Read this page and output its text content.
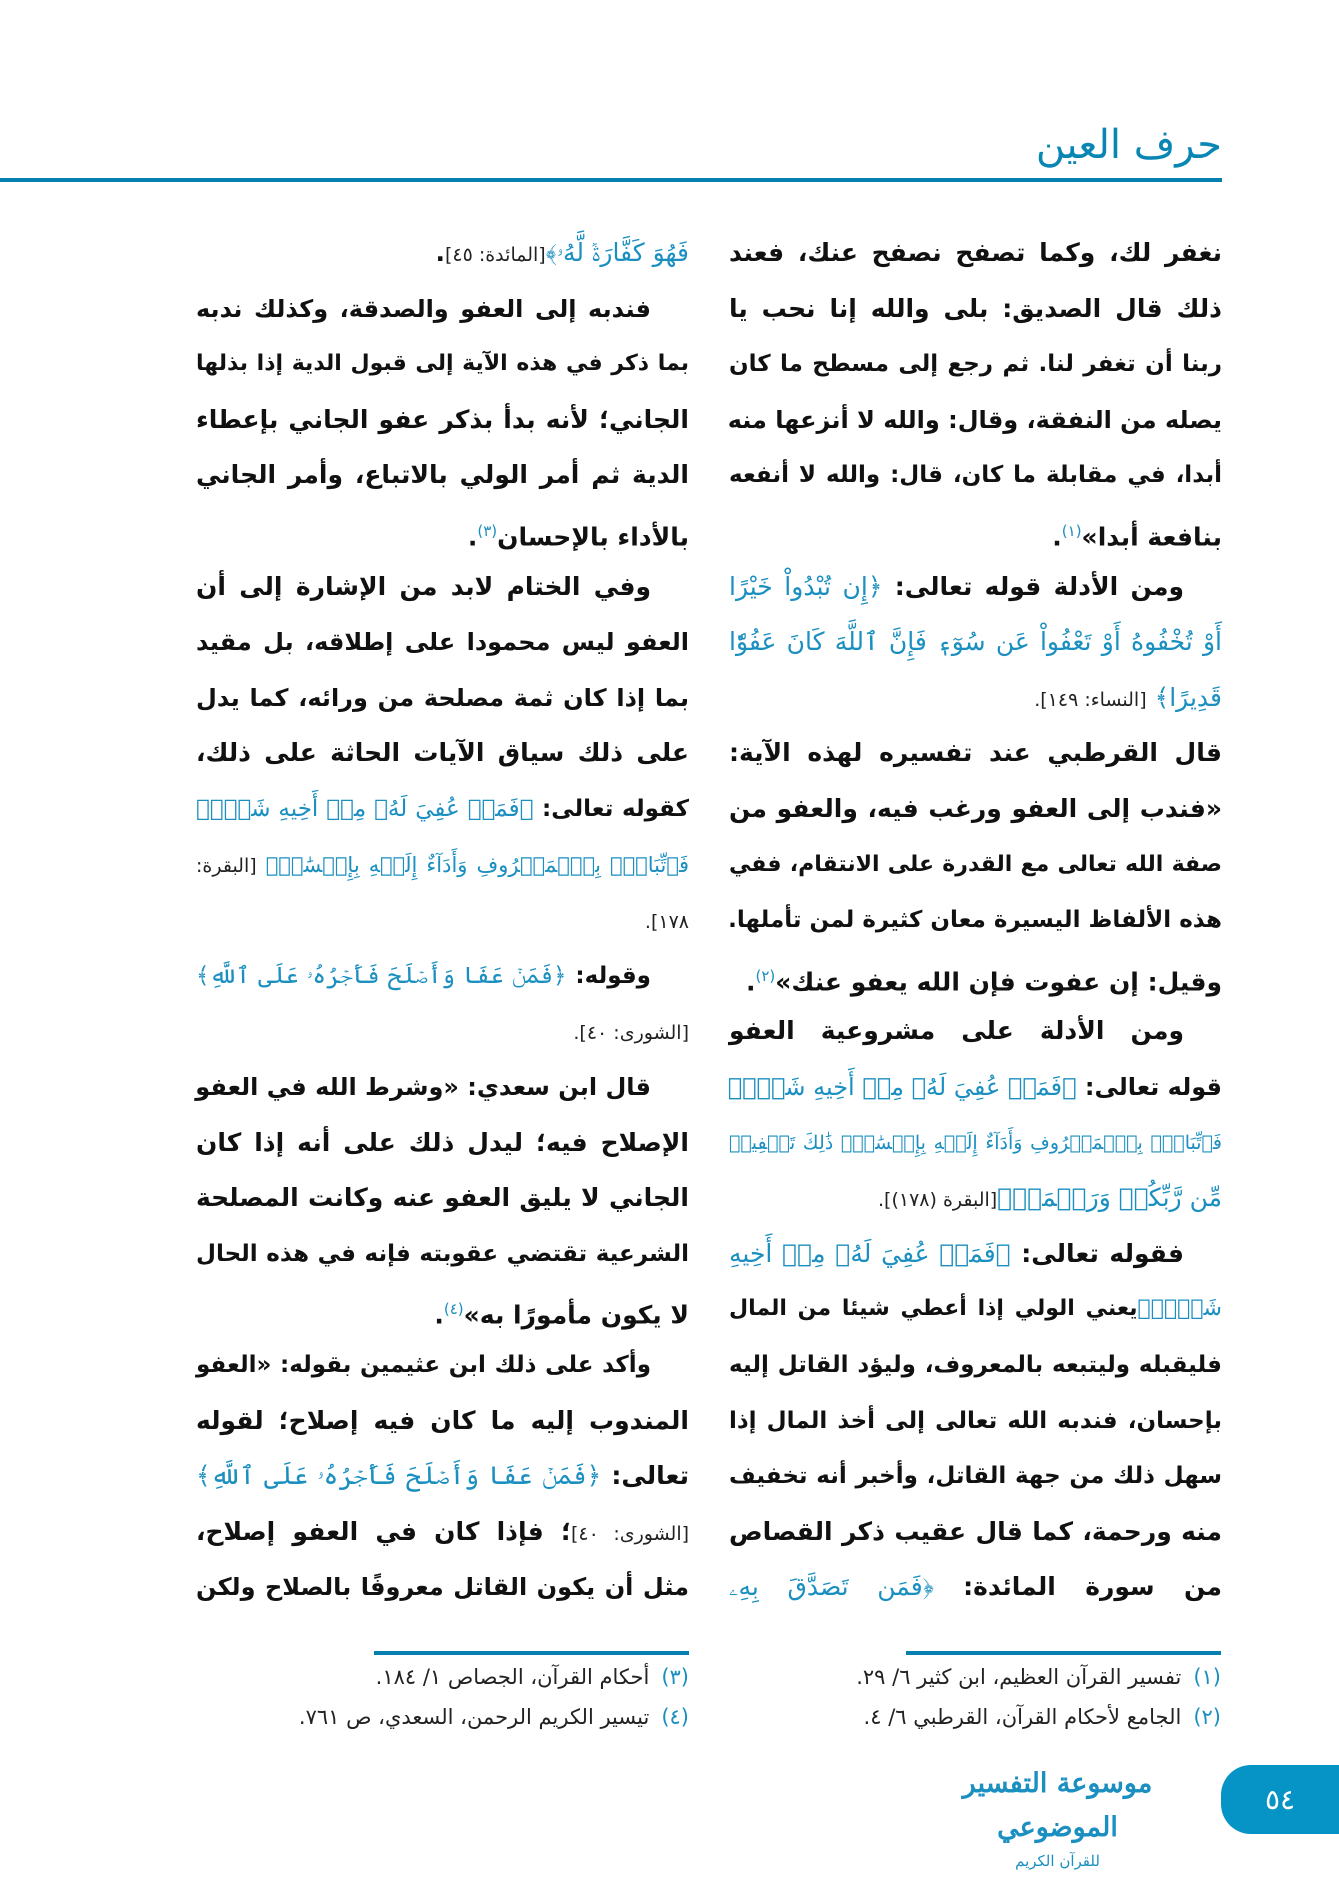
حرف العين
نغفر لك، وكما تصفح نصفح عنك، فعند
ذلك قال الصديق: بلى والله إنا نحب يا
ربنا أن تغفر لنا. ثم رجع إلى مسطح ما كان
يصله من النفقة، وقال: والله لا أنزعها منه
أبدا، في مقابلة ما كان، قال: والله لا أنفعه
بنافعة أبدا»$^{(١)}$.
ومن الأدلة قوله تعالى: ﴿إِن تُبْدُواْ خَيْرًا
أَوْ تُخْفُوهُ أَوْ تَعْفُواْ عَن سُوٓءٖ فَإِنَّ ٱللَّهَ كَانَ عَفُوّٗا
قَدِيرًا﴾ [النساء: ١٤٩].
قال القرطبي عند تفسيره لهذه الآية:
«فندب إلى العفو ورغب فيه، والعفو من
صفة الله تعالى مع القدرة على الانتقام، ففي
هذه الألفاظ اليسيرة معان كثيرة لمن تأملها.
وقيل: إن عفوت فإن الله يعفو عنك»$^{(٢)}$.
ومن الأدلة على مشروعية العفو
قوله تعالى: ﴿فَمَنۡ عُفِيَ لَهُۥ مِنۡ أَخِيهِ شَيۡءٞ
فَٱتِّبَاعُۢ بِٱلۡمَعۡرُوفِ وَأَدَآءٌ إِلَيۡهِ بِإِحۡسَٰنٖۗ ذَٰلِكَ تَخۡفِيفٞ
مِّن رَّبِّكُمۡ وَرَحۡمَةٞ﴾[البقرة (١٧٨)].
فقوله تعالى: ﴿فَمَنۡ عُفِيَ لَهُۥ مِنۡ أَخِيهِ
شَيۡءٞ﴾يعني الولي إذا أعطي شيئا من المال
فليقبله وليتبعه بالمعروف، وليؤد القاتل إليه
بإحسان، فندبه الله تعالى إلى أخذ المال إذا
سهل ذلك من جهة القاتل، وأخبر أنه تخفيف
منه ورحمة، كما قال عقيب ذكر القصاص
من سورة المائدة: ﴿فَمَن تَصَدَّقَ بِهِۦ
فَهُوَ كَفَّارَةٞ لَّهُۥ﴾[المائدة: ٤٥].
فندبه إلى العفو والصدقة، وكذلك ندبه
بما ذكر في هذه الآية إلى قبول الدية إذا بذلها
الجاني؛ لأنه بدأ بذكر عفو الجاني بإعطاء
الدية ثم أمر الولي بالاتباع، وأمر الجاني
بالأداء بالإحسان$^{(٣)}$.
وفي الختام لابد من الإشارة إلى أن
العفو ليس محمودا على إطلاقه، بل مقيد
بما إذا كان ثمة مصلحة من ورائه، كما يدل
على ذلك سياق الآيات الحاثة على ذلك،
كقوله تعالى: ﴿فَمَنۡ عُفِيَ لَهُۥ مِنۡ أَخِيهِ شَيۡءٞ
فَٱتِّبَاعُۢ بِٱلۡمَعۡرُوفِ وَأَدَآءٌ إِلَيۡهِ بِإِحۡسَٰنٖ﴾ [البقرة:
١٧٨].
وقوله: ﴿فَمَنۡ عَفَا وَأَصۡلَحَ فَأَجۡرُهُۥ عَلَى ٱللَّهِ﴾
[الشورى: ٤٠].
قال ابن سعدي: «وشرط الله في العفو
الإصلاح فيه؛ ليدل ذلك على أنه إذا كان
الجاني لا يليق العفو عنه وكانت المصلحة
الشرعية تقتضي عقوبته فإنه في هذه الحال
لا يكون مأمورًا به»$^{(٤)}$.
وأكد على ذلك ابن عثيمين بقوله: «العفو
المندوب إليه ما كان فيه إصلاح؛ لقوله
تعالى: ﴿فَمَنۡ عَفَا وَأَصۡلَحَ فَأَجۡرُهُۥ عَلَى ٱللَّهِ﴾
[الشورى: ٤٠]؛ فإذا كان في العفو إصلاح،
مثل أن يكون القاتل معروفًا بالصلاح ولكن
(١)تفسير القرآن العظيم، ابن كثير ٦/ ٢٩.
(٢)الجامع لأحكام القرآن، القرطبي ٦/ ٤.
(٣)أحكام القرآن، الجصاص ١/ ١٨٤.
(٤)تيسير الكريم الرحمن، السعدي، ص ٧٦١.
موسوعة التفسير الموضوعي
للقرآن الكريم
٥٤
